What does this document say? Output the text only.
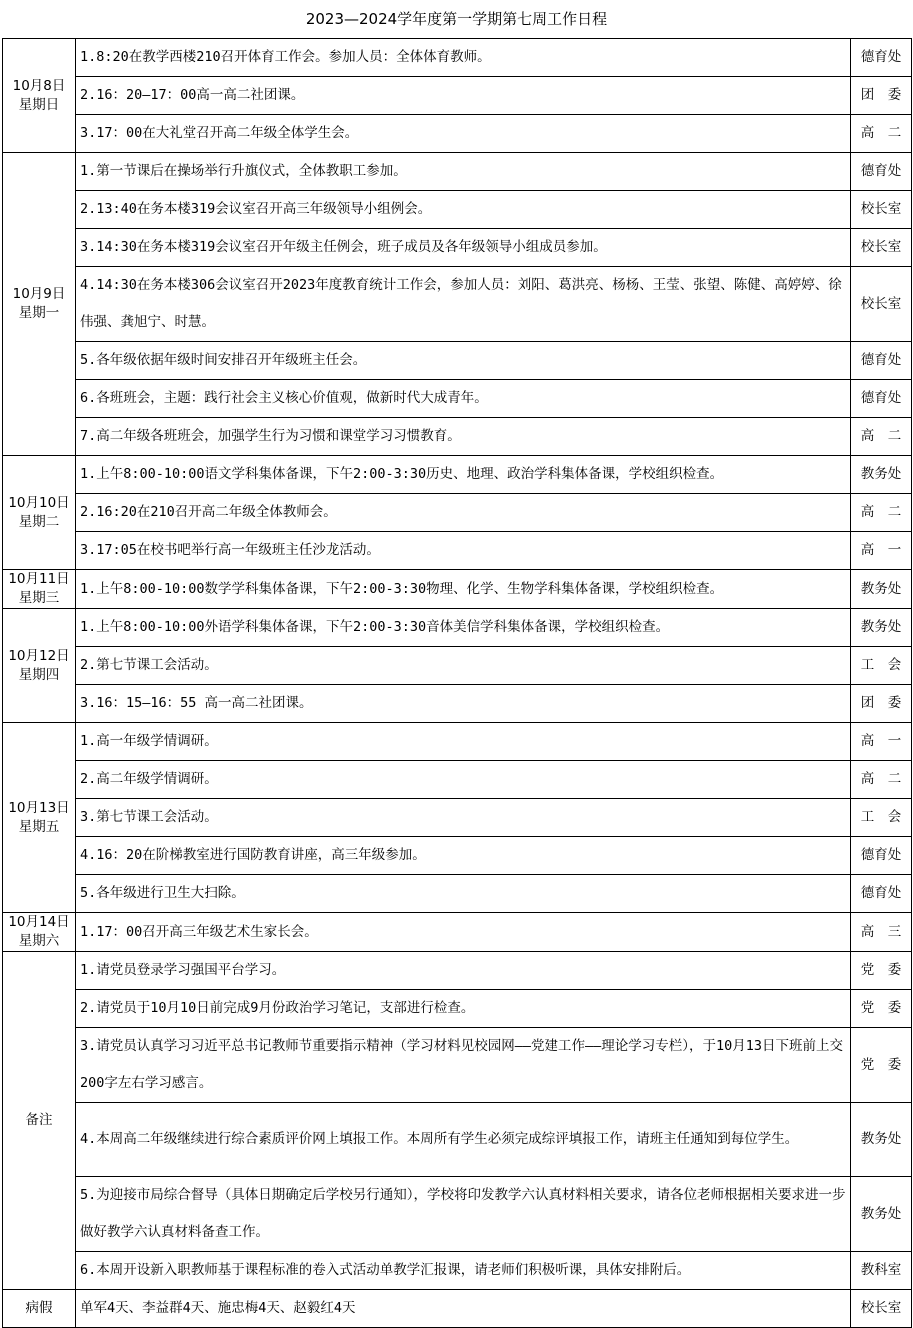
2023—2024学年度第一学期第七周工作日程
10月8日
星期日	1.8:20在教学西楼210召开体育工作会。参加人员：全体体育教师。	德育处
	2.16：20—17：00高一高二社团课。	团　委
	3.17：00在大礼堂召开高二年级全体学生会。	高　二

10月9日
星期一	1.第一节课后在操场举行升旗仪式，全体教职工参加。	德育处
	2.13:40在务本楼319会议室召开高三年级领导小组例会。	校长室
	3.14:30在务本楼319会议室召开年级主任例会，班子成员及各年级领导小组成员参加。	校长室
	4.14:30在务本楼306会议室召开2023年度教育统计工作会，参加人员：刘阳、葛洪亮、杨杨、王莹、张望、陈健、高婷婷、徐伟强、龚旭宁、时慧。	校长室
	5.各年级依据年级时间安排召开年级班主任会。	德育处
	6.各班班会，主题：践行社会主义核心价值观，做新时代大成青年。	德育处
	7.高二年级各班班会，加强学生行为习惯和课堂学习习惯教育。	高　二

10月10日
星期二	1.上午8:00-10:00语文学科集体备课，下午2:00-3:30历史、地理、政治学科集体备课，学校组织检查。	教务处
	2.16:20在210召开高二年级全体教师会。	高　二
	3.17:05在校书吧举行高一年级班主任沙龙活动。	高　一

10月11日
星期三	1.上午8:00-10:00数学学科集体备课，下午2:00-3:30物理、化学、生物学科集体备课，学校组织检查。	教务处

10月12日
星期四	1.上午8:00-10:00外语学科集体备课，下午2:00-3:30音体美信学科集体备课，学校组织检查。	教务处
	2.第七节课工会活动。	工　会
	3.16：15—16：55 高一高二社团课。	团　委

10月13日
星期五	1.高一年级学情调研。	高　一
	2.高二年级学情调研。	高　二
	3.第七节课工会活动。	工　会
	4.16：20在阶梯教室进行国防教育讲座，高三年级参加。	德育处
	5.各年级进行卫生大扫除。	德育处

10月14日
星期六	1.17：00召开高三年级艺术生家长会。	高　三
备注	1.请党员登录学习强国平台学习。	党　委
	2.请党员于10月10日前完成9月份政治学习笔记，支部进行检查。	党　委
	3.请党员认真学习习近平总书记教师节重要指示精神（学习材料见校园网——党建工作——理论学习专栏），于10月13日下班前上交200字左右学习感言。	党　委
	4.本周高二年级继续进行综合素质评价网上填报工作。本周所有学生必须完成综评填报工作，请班主任通知到每位学生。	教务处
	5.为迎接市局综合督导（具体日期确定后学校另行通知），学校将印发教学六认真材料相关要求，请各位老师根据相关要求进一步做好教学六认真材料备查工作。	教务处
	6.本周开设新入职教师基于课程标准的卷入式活动单教学汇报课，请老师们积极听课，具体安排附后。	教科室
病假	单军4天、李益群4天、施忠梅4天、赵毅红4天	校长室
